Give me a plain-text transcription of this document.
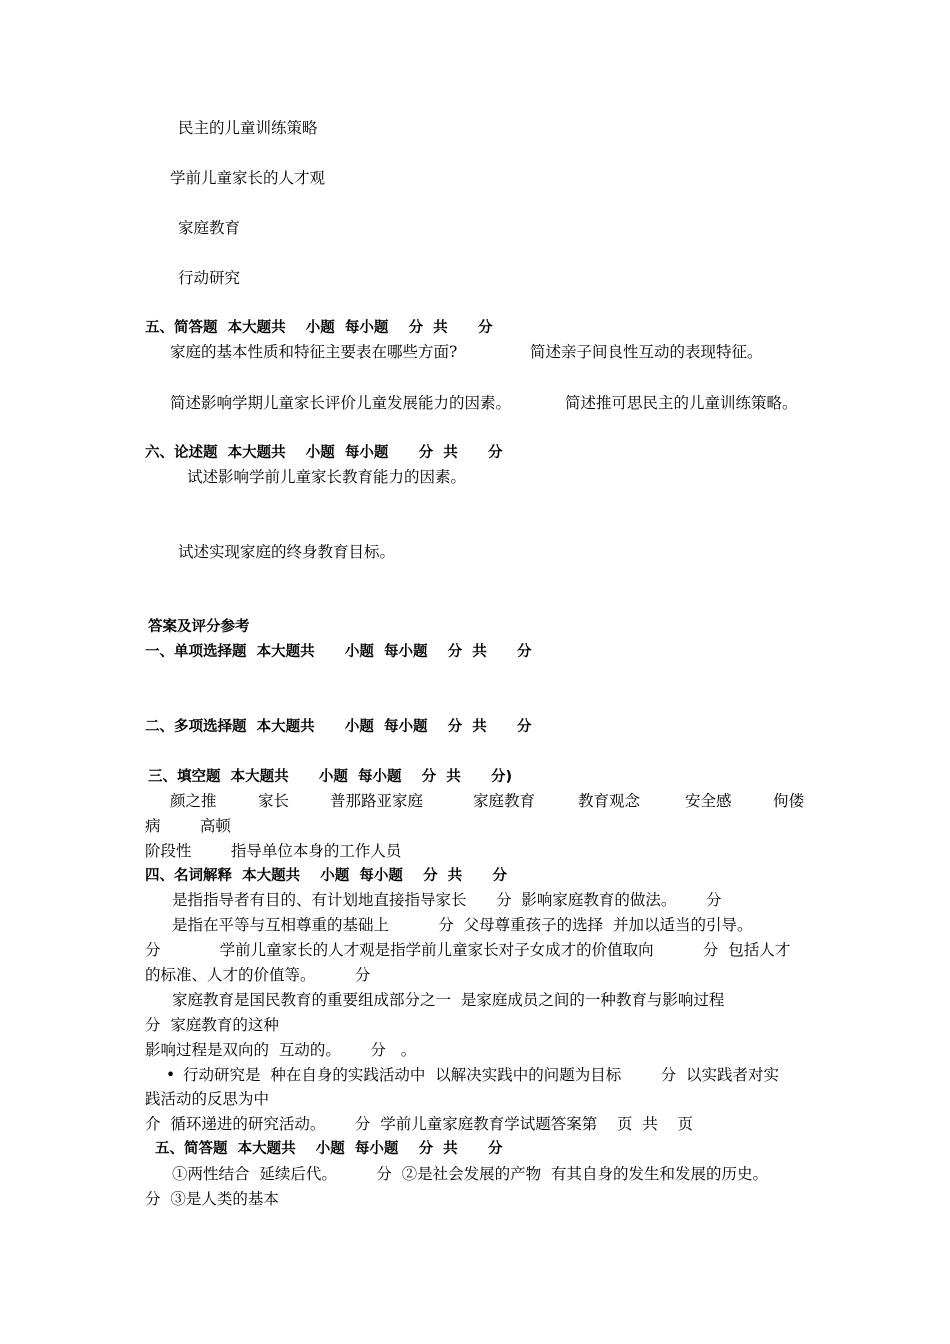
民主的儿童训练策略
学前儿童家长的人才观
家庭教育
行动研究
五、简答题  本大题共    小题  每小题    分  共      分
家庭的基本性质和特征主要表在哪些方面?	简述亲子间良性互动的表现特征。
简述影响学期儿童家长评价儿童发展能力的因素。	简述推可思民主的儿童训练策略。
六、论述题  本大题共    小题  每小题      分  共      分
试述影响学前儿童家长教育能力的因素。
试述实现家庭的终身教育目标。
答案及评分参考
一、单项选择题  本大题共      小题  每小题    分  共      分
二、多项选择题  本大题共      小题  每小题    分  共      分
三、填空题  本大题共      小题  每小题    分  共      分)
颜之推	家长	普那路亚家庭	家庭教育	教育观念	安全感	佝偻
病        高顿
阶段性        指导单位本身的工作人员
四、名词解释  本大题共    小题  每小题    分  共      分
是指指导者有目的、有计划地直接指导家长      分  影响家庭教育的做法。      分
是指在平等与互相尊重的基础上          分  父母尊重孩子的选择  并加以适当的引导。
分            学前儿童家长的人才观是指学前儿童家长对子女成才的价值取向          分  包括人才
的标准、人才的价值等。        分
家庭教育是国民教育的重要组成部分之一  是家庭成员之间的一种教育与影响过程
分  家庭教育的这种
影响过程是双向的  互动的。      分   。
• 行动研究是  种在自身的实践活动中  以解决实践中的问题为目标        分  以实践者对实
践活动的反思为中
介  循环递进的研究活动。      分  学前儿童家庭教育学试题答案第    页  共    页
五、简答题  本大题共    小题  每小题    分  共      分
①两性结合  延续后代。        分  ②是社会发展的产物  有其自身的发生和发展的历史。
分  ③是人类的基本
